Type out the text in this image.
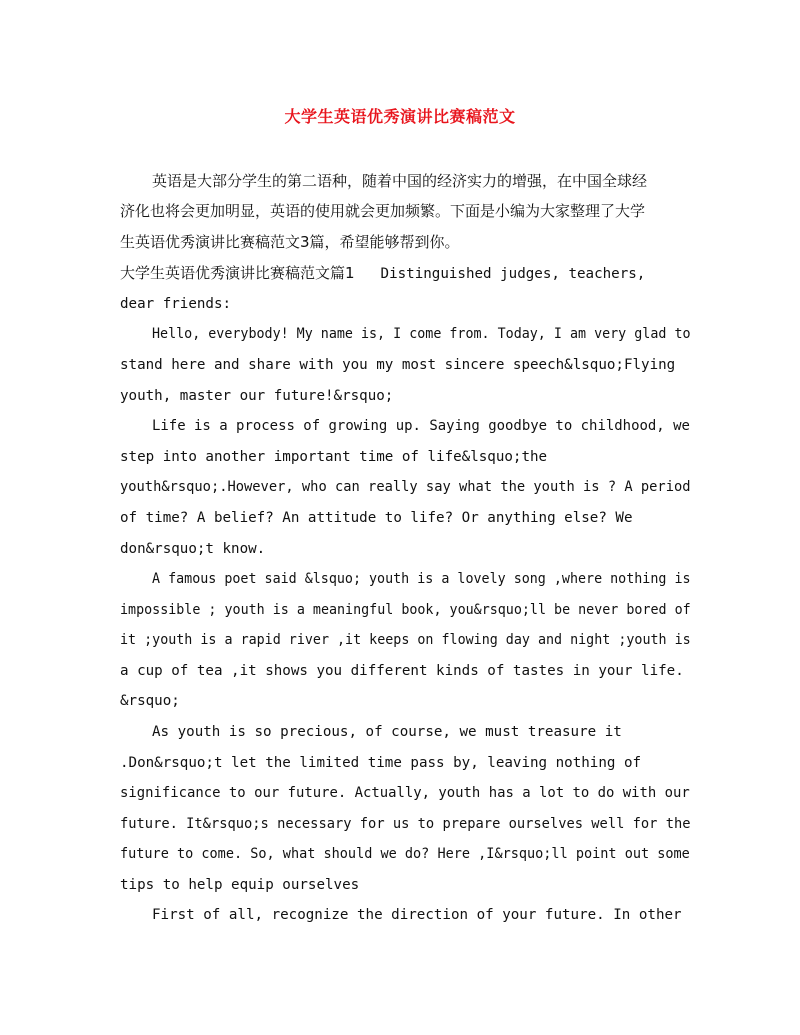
大学生英语优秀演讲比赛稿范文
英语是大部分学生的第二语种，随着中国的经济实力的增强，在中国全球经
济化也将会更加明显，英语的使用就会更加频繁。下面是小编为大家整理了大学
生英语优秀演讲比赛稿范文3篇，希望能够帮到你。
大学生英语优秀演讲比赛稿范文篇1 Distinguished judges, teachers,
dear friends:
Hello, everybody! My name is, I come from. Today, I am very glad to
stand here and share with you my most sincere speech&lsquo;Flying
youth, master our future!&rsquo;
Life is a process of growing up. Saying goodbye to childhood, we
step into another important time of life&lsquo;the
youth&rsquo;.However, who can really say what the youth is ? A period
of time? A belief? An attitude to life? Or anything else? We
don&rsquo;t know.
A famous poet said &lsquo; youth is a lovely song ,where nothing is
impossible ; youth is a meaningful book, you&rsquo;ll be never bored of
it ;youth is a rapid river ,it keeps on flowing day and night ;youth is
a cup of tea ,it shows you different kinds of tastes in your life.
&rsquo;
As youth is so precious, of course, we must treasure it
.Don&rsquo;t let the limited time pass by, leaving nothing of
significance to our future. Actually, youth has a lot to do with our
future. It&rsquo;s necessary for us to prepare ourselves well for the
future to come. So, what should we do? Here ,I&rsquo;ll point out some
tips to help equip ourselves
First of all, recognize the direction of your future. In other
